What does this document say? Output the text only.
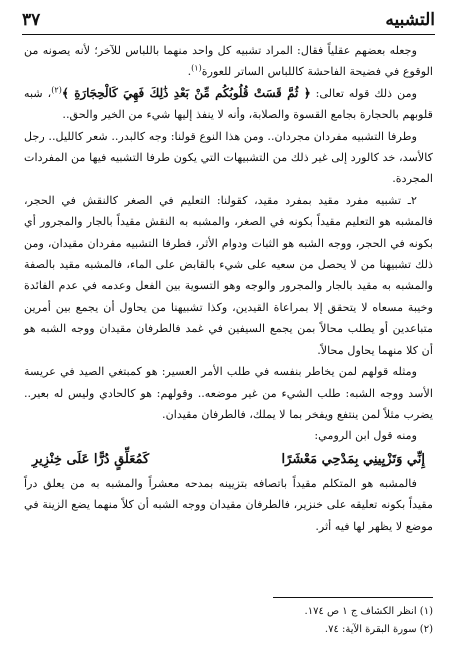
التشبيه
٣٧

وجعله بعضهم عقلياً فقال: المراد تشبيه كل واحد منهما باللباس للآخر؛ لأنه يصونه من الوقوع في فضيحة الفاحشة كاللباس الساتر للعورة$^{(١)}$.

ومن ذلك قوله تعالى: ﴿ ثُمَّ قَسَتْ قُلُوبُكُم مِّنْ بَعْدِ ذَٰلِكَ فَهِيَ كَالْحِجَارَةِ ﴾$^{(٢)}$، شبه قلوبهم بالحجارة بجامع القسوة والصلابة، وأنه لا ينفذ إليها شيء من الخير والحق..

وطرفا التشبيه مفردان مجردان.. ومن هذا النوع قولنا: وجه كالبدر.. شعر كالليل.. رجل كالأسد، خد كالورد إلى غير ذلك من التشبيهات التي يكون طرفا التشبيه فيها من المفردات المجردة.

٢ـ تشبيه مفرد مقيد بمفرد مقيد، كقولنا: التعليم في الصغر كالنقش في الحجر، فالمشبه هو التعليم مقيداً بكونه في الصغر، والمشبه به النقش مقيداً بالجار والمجرور أي بكونه في الحجر، ووجه الشبه هو الثبات ودوام الأثر، فطرفا التشبيه مفردان مقيدان، ومن ذلك تشبيهنا من لا يحصل من سعيه على شيء بالقابض على الماء، فالمشبه مقيد بالصفة والمشبه به مقيد بالجار والمجرور والوجه وهو التسوية بين الفعل وعدمه في عدم الفائدة وخيبة مسعاه لا يتحقق إلا بمراعاة القيدين، وكذا تشبيهنا من يحاول أن يجمع بين أمرين متباعدين أو يطلب محالاً بمن يجمع السيفين في غمد فالطرفان مقيدان ووجه الشبه هو أن كلا منهما يحاول محالاً.

ومثله قولهم لمن يخاطر بنفسه في طلب الأمر العسير: هو كمبتغي الصيد في عريسة الأسد ووجه الشبه: طلب الشيء من غير موضعه.. وقولهم: هو كالحادي وليس له بعير.. يضرب مثلاً لمن ينتفع ويفخر بما لا يملك، فالطرفان مقيدان.

ومنه قول ابن الرومي:

إِنِّي وَتَزْيِينِي بِمَدْحِي مَعْشَرًا
كَمُعَلِّقٍ دُرًّا عَلَى خِنْزِيرِ

فالمشبه هو المتكلم مقيداً باتصافه بتزيينه بمدحه معشراً والمشبه به من يعلق دراً مقيداً بكونه تعليقه على خنزير، فالطرفان مقيدان ووجه الشبه أن كلاً منهما يضع الزينة في موضع لا يظهر لها فيه أثر.

(١) انظر الكشاف ج ١ ص ١٧٤.
(٢) سورة البقرة الآية: ٧٤.
